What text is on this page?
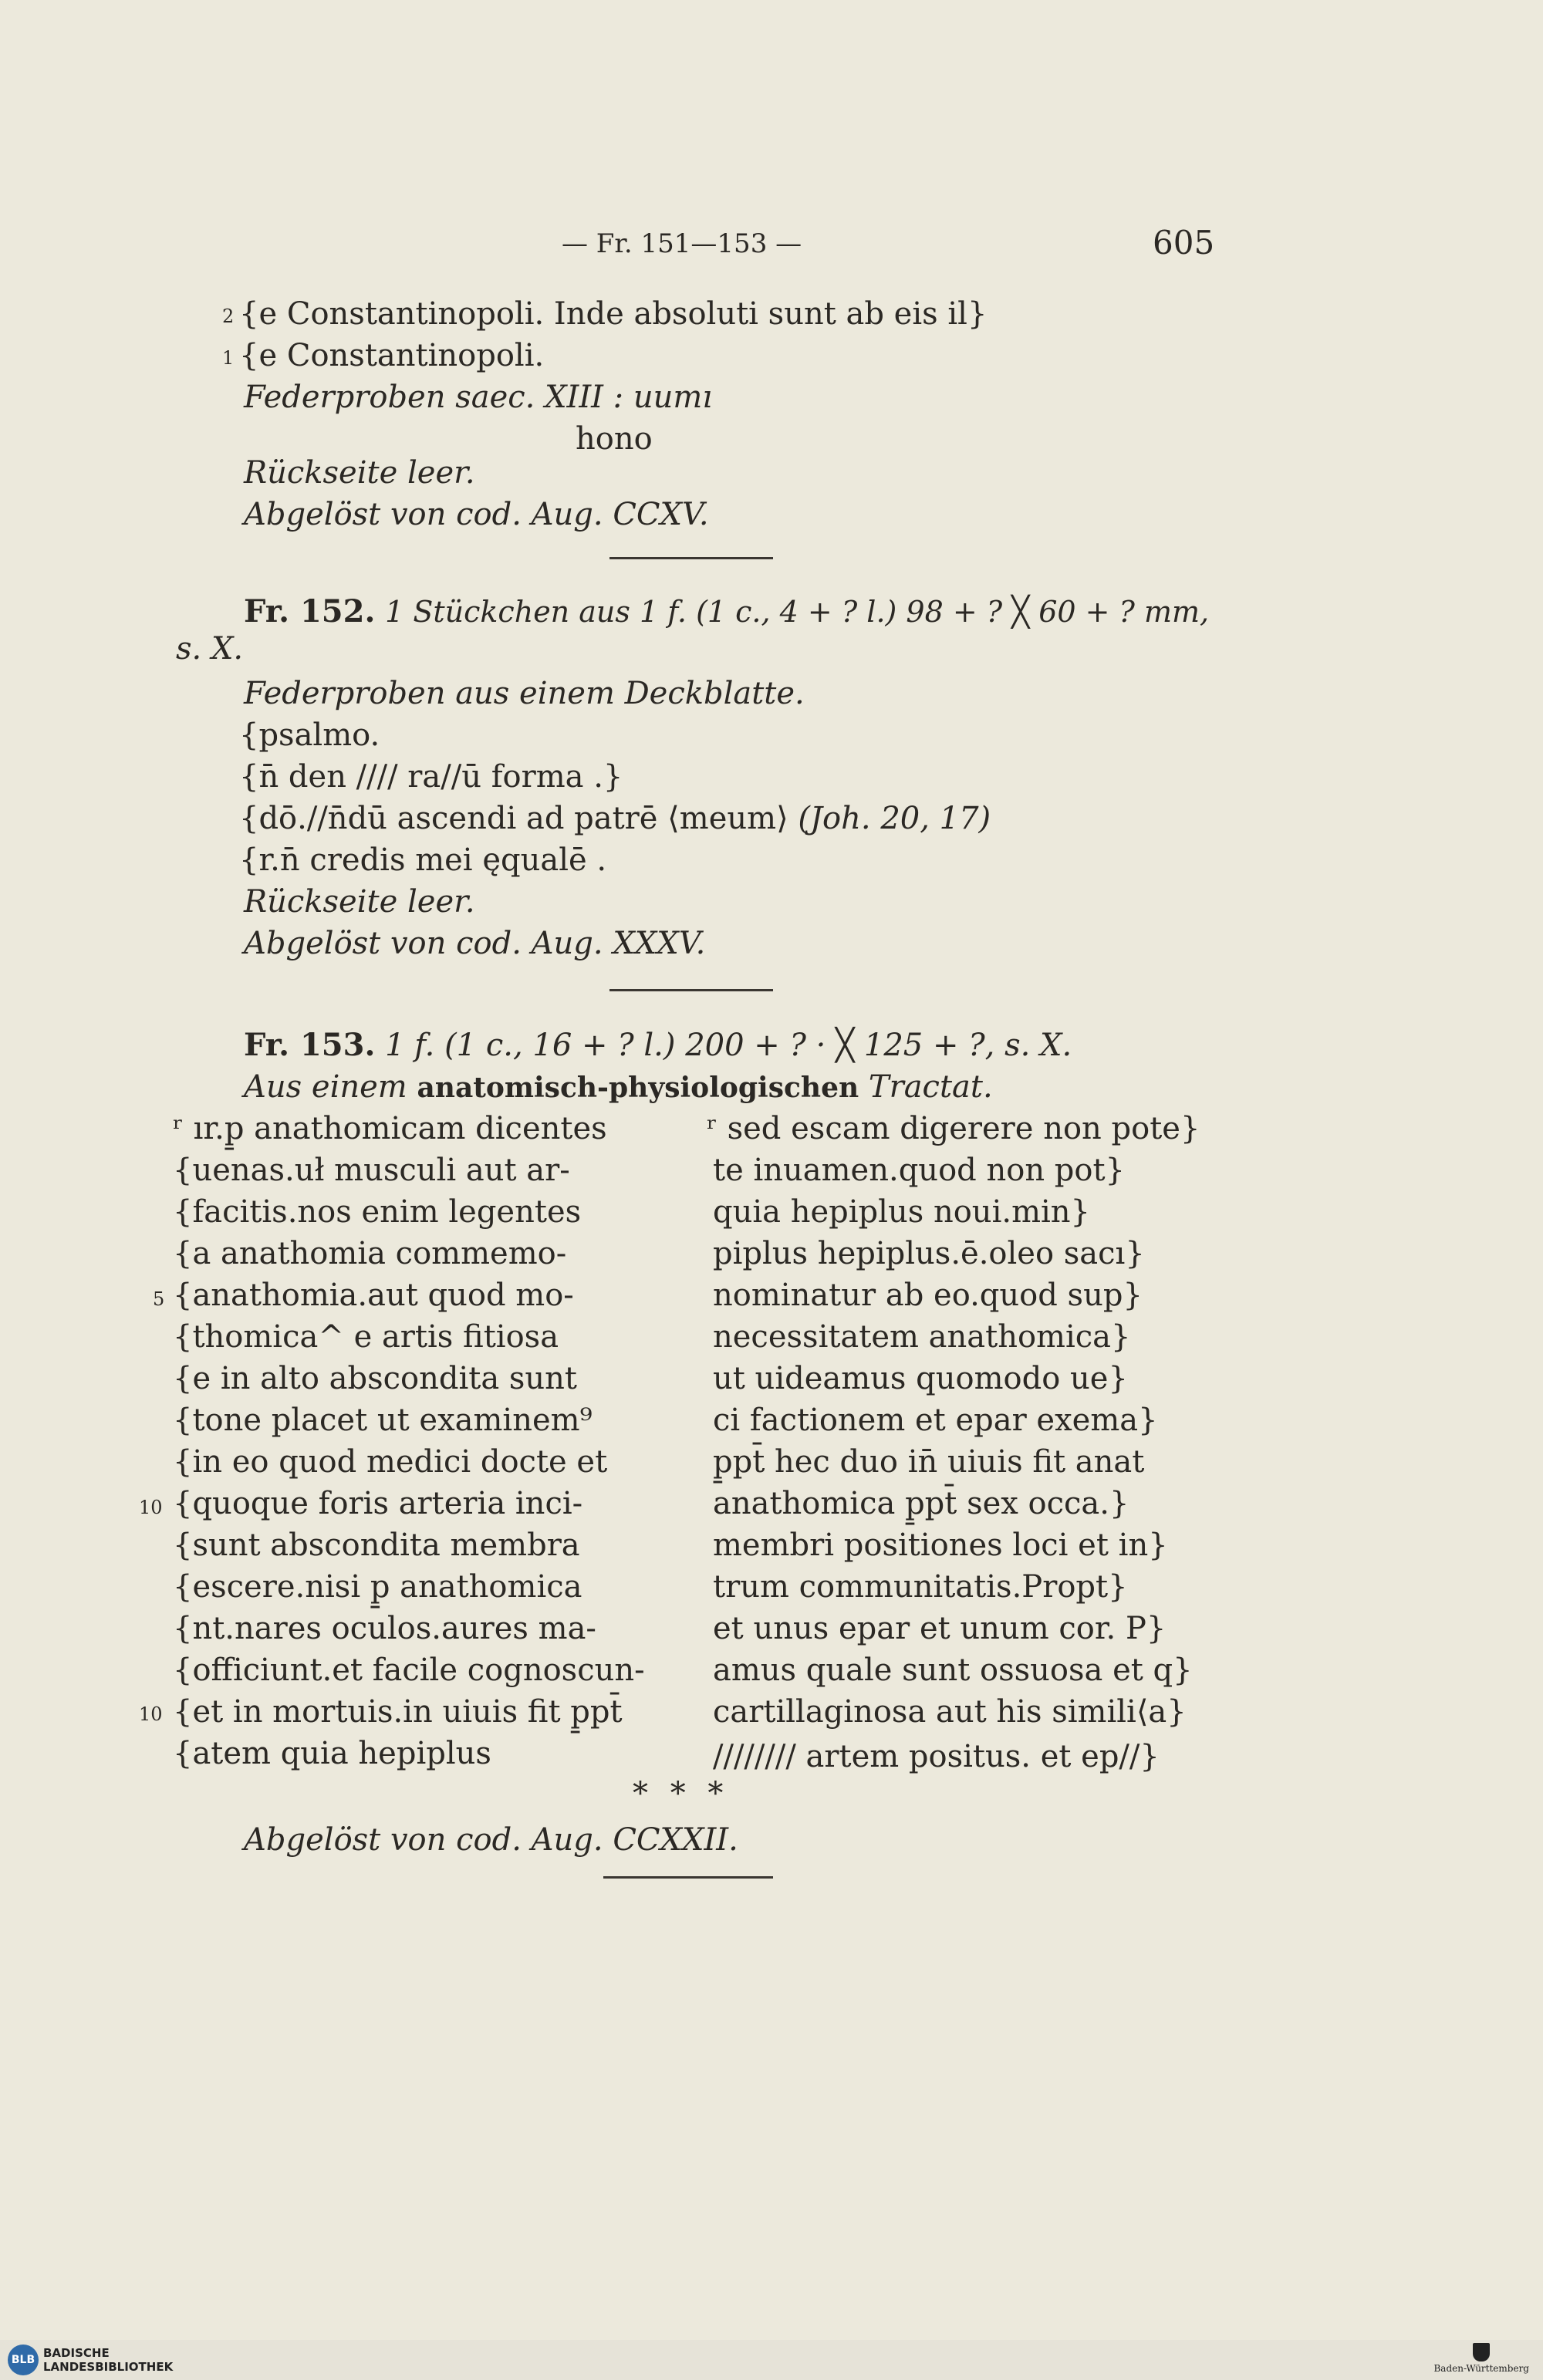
— Fr. 151—153 —	605
2 {e Constantinopoli. Inde absoluti sunt ab eis il}
1 {e Constantinopoli.
Federproben saec. XIII : uumı
hono
Rückseite leer.
Abgelöst von cod. Aug. CCXV.
Fr. 152. 1 Stückchen aus 1 f. (1 c., 4 + ? l.) 98 + ? ╳ 60 + ? mm,
s. X.
Federproben aus einem Deckblatte.
{psalmo.
{n̄ den //// ra//ū forma .}
{dō.//n̄dū ascendi ad patrē ⟨meum⟩ (Joh. 20, 17)
{r.n̄ credis mei ęqualē .
Rückseite leer.
Abgelöst von cod. Aug. XXXV.
Fr. 153. 1 f. (1 c., 16 + ? l.) 200 + ? · ╳ 125 + ?, s. X.
Aus einem anatomisch-physiologischen Tractat.
5
10
10
ʳ ır.p̱ anathomicam dicentes
{uenas.uł musculi aut ar-
{facitis.nos enim legentes
{a anathomia commemo-
{anathomia.aut quod mo-
{thomica^ e artis fitiosa
{e in alto abscondita sunt
{tone placet ut examinem⁹
{in eo quod medici docte et
{quoque foris arteria inci-
{sunt abscondita membra
{escere.nisi p̱ anathomica
{nt.nares oculos.aures ma-
{officiunt.et facile cognoscun-
{et in mortuis.in uiuis fit p̱pt̄
{atem quia hepiplus
ʳ sed escam digerere non pote}
te inuamen.quod non pot}
quia hepiplus noui.min}
piplus hepiplus.ē.oleo sacı}
nominatur ab eo.quod sup}
necessitatem anathomica}
ut uideamus quomodo ue}
ci factionem et epar exema}
p̱pt̄ hec duo in̄ uiuis fit anat
anathomica p̱pt̄ sex occa.}
membri positiones loci et in}
trum communitatis.Propt}
et unus epar et unum cor. P}
amus quale sunt ossuosa et q}
cartillaginosa aut his simili⟨a}
//////// artem positus. et ep//}
* * *
Abgelöst von cod. Aug. CCXXII.
BLB BADISCHE
LANDESBIBLIOTHEK	Baden-Württemberg
